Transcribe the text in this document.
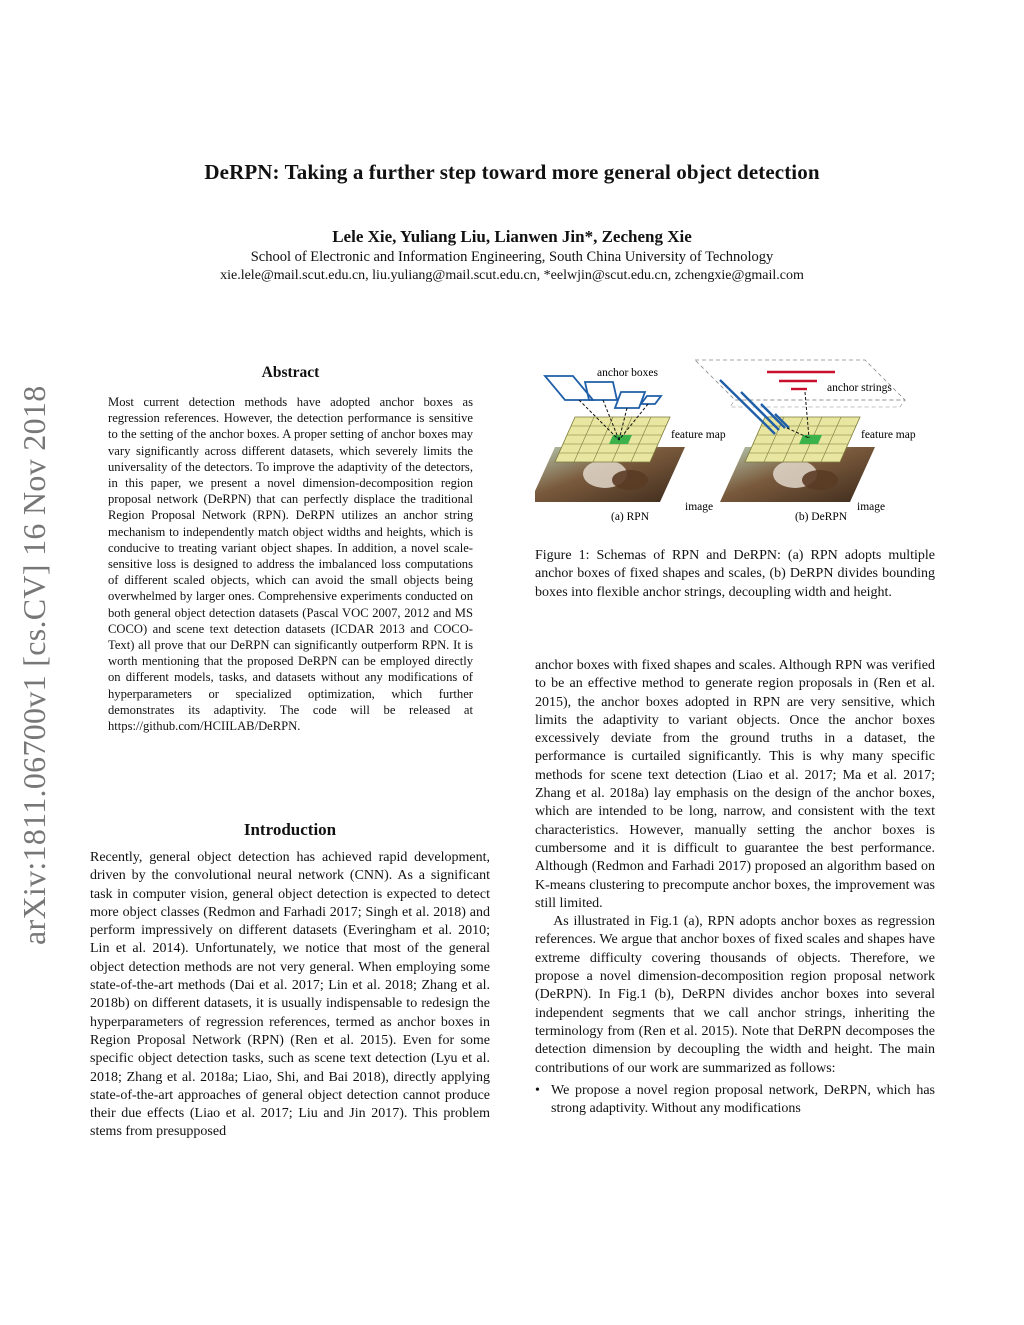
DeRPN: Taking a further step toward more general object detection
Lele Xie, Yuliang Liu, Lianwen Jin*, Zecheng Xie
School of Electronic and Information Engineering, South China University of Technology
xie.lele@mail.scut.edu.cn, liu.yuliang@mail.scut.edu.cn, *eelwjin@scut.edu.cn, zchengxie@gmail.com
arXiv:1811.06700v1 [cs.CV] 16 Nov 2018
Abstract
Most current detection methods have adopted anchor boxes as regression references. However, the detection performance is sensitive to the setting of the anchor boxes. A proper setting of anchor boxes may vary significantly across different datasets, which severely limits the universality of the detectors. To improve the adaptivity of the detectors, in this paper, we present a novel dimension-decomposition region proposal network (DeRPN) that can perfectly displace the traditional Region Proposal Network (RPN). DeRPN utilizes an anchor string mechanism to independently match object widths and heights, which is conducive to treating variant object shapes. In addition, a novel scale-sensitive loss is designed to address the imbalanced loss computations of different scaled objects, which can avoid the small objects being overwhelmed by larger ones. Comprehensive experiments conducted on both general object detection datasets (Pascal VOC 2007, 2012 and MS COCO) and scene text detection datasets (ICDAR 2013 and COCO-Text) all prove that our DeRPN can significantly outperform RPN. It is worth mentioning that the proposed DeRPN can be employed directly on different models, tasks, and datasets without any modifications of hyperparameters or specialized optimization, which further demonstrates its adaptivity. The code will be released at https://github.com/HCIILAB/DeRPN.
Introduction
Recently, general object detection has achieved rapid development, driven by the convolutional neural network (CNN). As a significant task in computer vision, general object detection is expected to detect more object classes (Redmon and Farhadi 2017; Singh et al. 2018) and perform impressively on different datasets (Everingham et al. 2010; Lin et al. 2014). Unfortunately, we notice that most of the general object detection methods are not very general. When employing some state-of-the-art methods (Dai et al. 2017; Lin et al. 2018; Zhang et al. 2018b) on different datasets, it is usually indispensable to redesign the hyperparameters of regression references, termed as anchor boxes in Region Proposal Network (RPN) (Ren et al. 2015). Even for some specific object detection tasks, such as scene text detection (Lyu et al. 2018; Zhang et al. 2018a; Liao, Shi, and Bai 2018), directly applying state-of-the-art approaches of general object detection cannot produce their due effects (Liao et al. 2017; Liu and Jin 2017). This problem stems from presupposed
anchor boxes
feature map
image
(a) RPN
anchor strings
feature map
image
(b) DeRPN
Figure 1: Schemas of RPN and DeRPN: (a) RPN adopts multiple anchor boxes of fixed shapes and scales, (b) DeRPN divides bounding boxes into flexible anchor strings, decoupling width and height.

anchor boxes with fixed shapes and scales. Although RPN was verified to be an effective method to generate region proposals in (Ren et al. 2015), the anchor boxes adopted in RPN are very sensitive, which limits the adaptivity to variant objects. Once the anchor boxes excessively deviate from the ground truths in a dataset, the performance is curtailed significantly. This is why many specific methods for scene text detection (Liao et al. 2017; Ma et al. 2017; Zhang et al. 2018a) lay emphasis on the design of the anchor boxes, which are intended to be long, narrow, and consistent with the text characteristics. However, manually setting the anchor boxes is cumbersome and it is difficult to guarantee the best performance. Although (Redmon and Farhadi 2017) proposed an algorithm based on K-means clustering to precompute anchor boxes, the improvement was still limited.

As illustrated in Fig.1 (a), RPN adopts anchor boxes as regression references. We argue that anchor boxes of fixed scales and shapes have extreme difficulty covering thousands of objects. Therefore, we propose a novel dimension-decomposition region proposal network (DeRPN). In Fig.1 (b), DeRPN divides anchor boxes into several independent segments that we call anchor strings, inheriting the terminology from (Ren et al. 2015). Note that DeRPN decomposes the detection dimension by decoupling the width and height. The main contributions of our work are summarized as follows:

• We propose a novel region proposal network, DeRPN, which has strong adaptivity. Without any modifications
